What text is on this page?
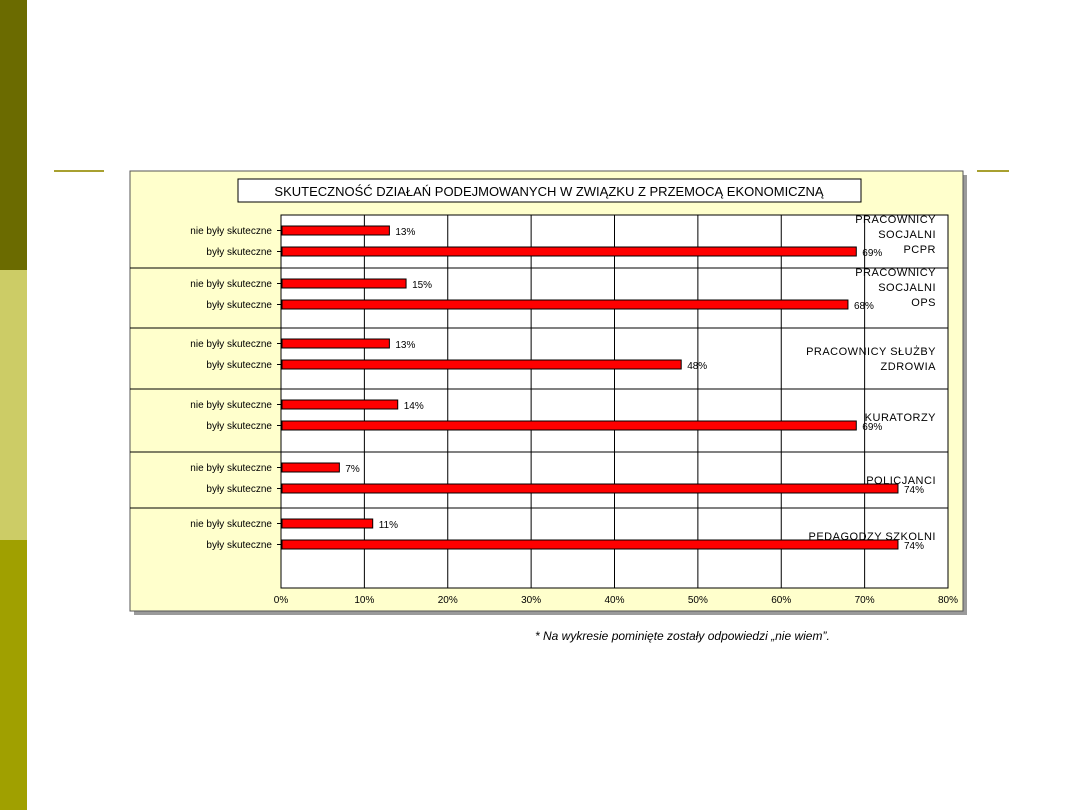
SKUTECZNOŚĆ DZIAŁAŃ PODEJMOWANYCH W ZWIĄZKU Z PRZEMOCĄ EKONOMICZNĄ
0%	10%	20%	30%	40%	50%	60%	70%	80%
nie były skuteczne	13%
były skuteczne	69%
PRACOWNICY
SOCJALNI
PCPR
nie były skuteczne	15%
były skuteczne	68%
PRACOWNICY
SOCJALNI
OPS
nie były skuteczne	13%
były skuteczne	48%
PRACOWNICY SŁUŻBY
ZDROWIA
nie były skuteczne	14%
były skuteczne	69%
KURATORZY
nie były skuteczne	7%
były skuteczne	74%
POLICJANCI
nie były skuteczne	11%
były skuteczne	74%
PEDAGODZY SZKOLNI
* Na wykresie pominięte zostały odpowiedzi „nie wiem”.
